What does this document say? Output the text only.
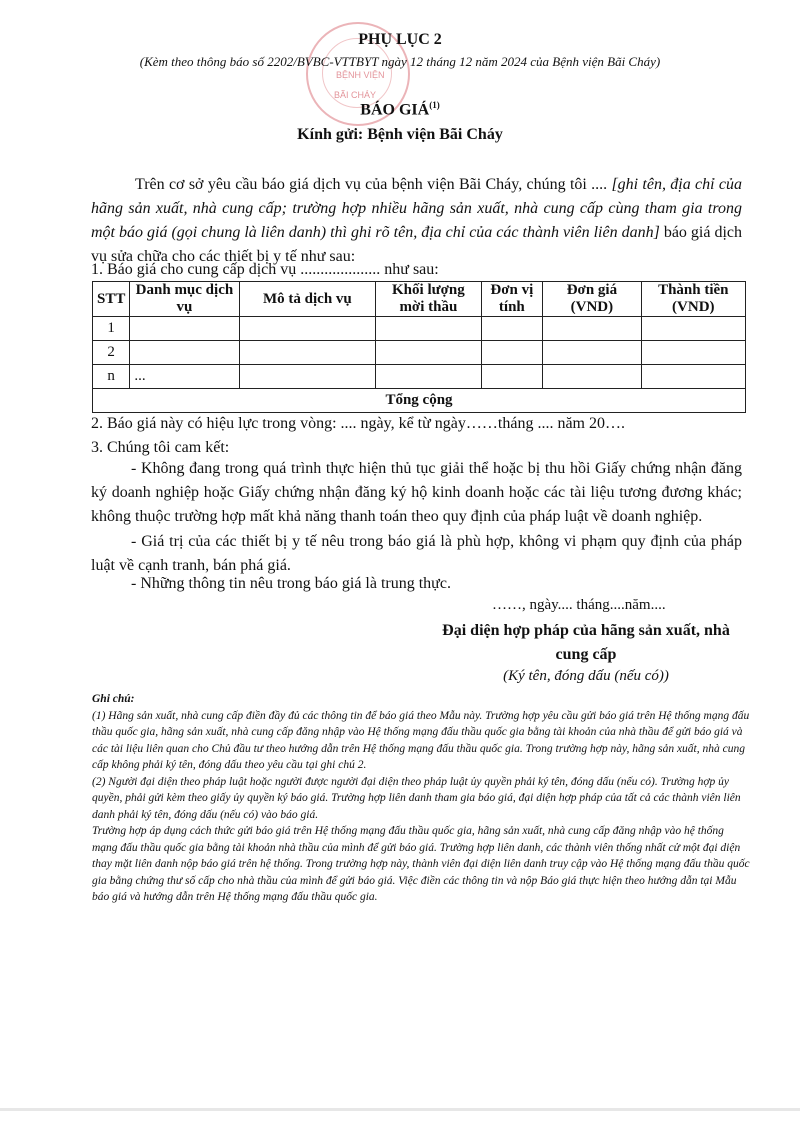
BỆNH VIỆN
BÃI CHÁY
PHỤ LỤC 2
(Kèm theo thông báo số 2202/BVBC-VTTBYT ngày 12 tháng 12 năm 2024 của Bệnh viện Bãi Cháy)
BÁO GIÁ$^{(1)}$
Kính gửi: Bệnh viện Bãi Cháy
Trên cơ sở yêu cầu báo giá dịch vụ của bệnh viện Bãi Cháy, chúng tôi .... [ghi tên, địa chỉ của hãng sản xuất, nhà cung cấp; trường hợp nhiều hãng sản xuất, nhà cung cấp cùng tham gia trong một báo giá (gọi chung là liên danh) thì ghi rõ tên, địa chỉ của các thành viên liên danh] báo giá dịch vụ sửa chữa cho các thiết bị y tế như sau:
1. Báo giá cho cung cấp dịch vụ .................... như sau:
STT	Danh mục dịch vụ	Mô tả dịch vụ	Khối lượng mời thầu	Đơn vị tính	Đơn giá (VND)	Thành tiền (VND)
1						
2						
n	...					
Tổng cộng						
2. Báo giá này có hiệu lực trong vòng: .... ngày, kể từ ngày……tháng .... năm 20….
3. Chúng tôi cam kết:
- Không đang trong quá trình thực hiện thủ tục giải thể hoặc bị thu hồi Giấy chứng nhận đăng ký doanh nghiệp hoặc Giấy chứng nhận đăng ký hộ kinh doanh hoặc các tài liệu tương đương khác; không thuộc trường hợp mất khả năng thanh toán theo quy định của pháp luật về doanh nghiệp.
- Giá trị của các thiết bị y tế nêu trong báo giá là phù hợp, không vi phạm quy định của pháp luật về cạnh tranh, bán phá giá.
- Những thông tin nêu trong báo giá là trung thực.
……, ngày.... tháng....năm....
Đại diện hợp pháp của hãng sản xuất, nhà cung cấp
(Ký tên, đóng dấu (nếu có))

Ghi chú:

(1) Hãng sản xuất, nhà cung cấp điền đầy đủ các thông tin để báo giá theo Mẫu này. Trường hợp yêu cầu gửi báo giá trên Hệ thống mạng đấu thầu quốc gia, hãng sản xuất, nhà cung cấp đăng nhập vào Hệ thống mạng đấu thầu quốc gia bằng tài khoản của nhà thầu để gửi báo giá và các tài liệu liên quan cho Chủ đầu tư theo hướng dẫn trên Hệ thống mạng đấu thầu quốc gia. Trong trường hợp này, hãng sản xuất, nhà cung cấp không phải ký tên, đóng dấu theo yêu cầu tại ghi chú 2.

(2) Người đại diện theo pháp luật hoặc người được người đại diện theo pháp luật ủy quyền phải ký tên, đóng dấu (nếu có). Trường hợp ủy quyền, phải gửi kèm theo giấy ủy quyền ký báo giá. Trường hợp liên danh tham gia báo giá, đại diện hợp pháp của tất cả các thành viên liên danh phải ký tên, đóng dấu (nếu có) vào báo giá.

Trường hợp áp dụng cách thức gửi báo giá trên Hệ thống mạng đấu thầu quốc gia, hãng sản xuất, nhà cung cấp đăng nhập vào hệ thống mạng đấu thầu quốc gia bằng tài khoản nhà thầu của mình để gửi báo giá. Trường hợp liên danh, các thành viên thống nhất cử một đại diện thay mặt liên danh nộp báo giá trên hệ thống. Trong trường hợp này, thành viên đại diện liên danh truy cập vào Hệ thống mạng đấu thầu quốc gia bằng chứng thư số cấp cho nhà thầu của mình để gửi báo giá. Việc điền các thông tin và nộp Báo giá thực hiện theo hướng dẫn tại Mẫu báo giá và hướng dẫn trên Hệ thống mạng đấu thầu quốc gia.
